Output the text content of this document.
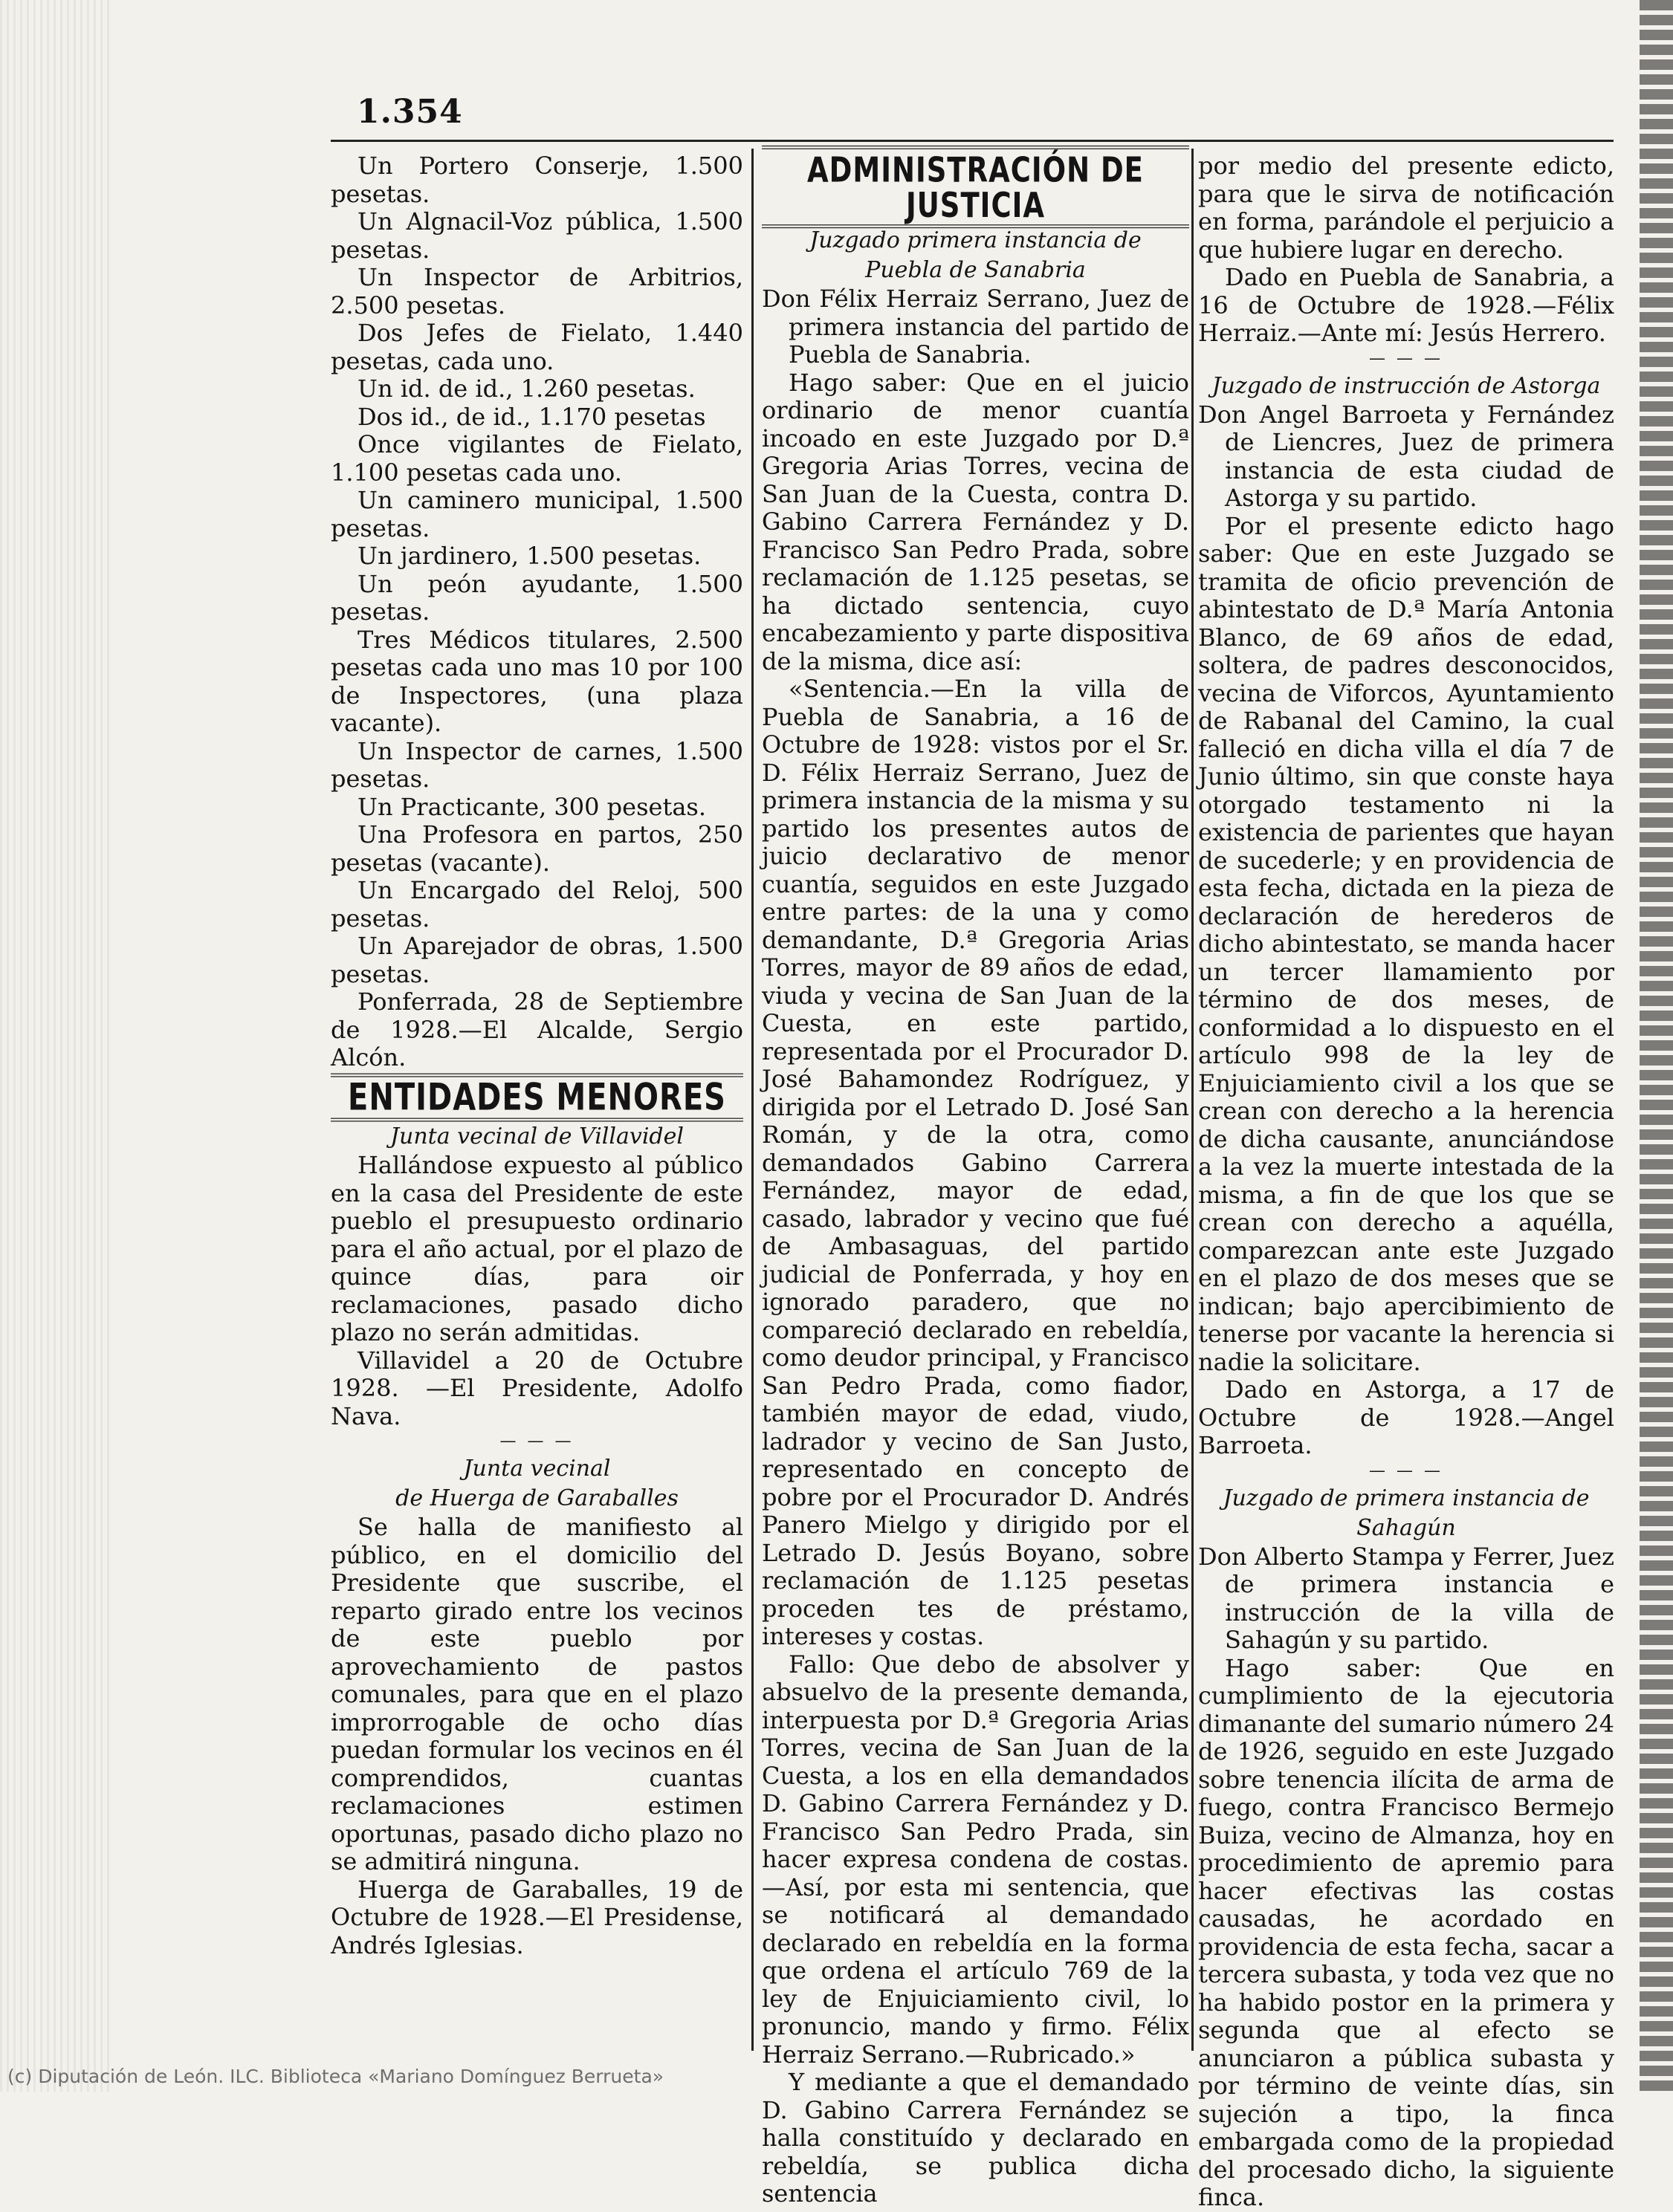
1.354

Un Portero Conserje, 1.500 pesetas.

Un Algnacil-Voz pública, 1.500 pesetas.

Un Inspector de Arbitrios, 2.500 pesetas.

Dos Jefes de Fielato, 1.440 pesetas, cada uno.

Un id. de id., 1.260 pesetas.

Dos id., de id., 1.170 pesetas

Once vigilantes de Fielato, 1.100 pesetas cada uno.

Un caminero municipal, 1.500 pesetas.

Un jardinero, 1.500 pesetas.

Un peón ayudante, 1.500 pesetas.

Tres Médicos titulares, 2.500 pesetas cada uno mas 10 por 100 de Inspectores, (una plaza vacante).

Un Inspector de carnes, 1.500 pesetas.

Un Practicante, 300 pesetas.

Una Profesora en partos, 250 pesetas (vacante).

Un Encargado del Reloj, 500 pesetas.

Un Aparejador de obras, 1.500 pesetas.

Ponferrada, 28 de Septiembre de 1928.—El Alcalde, Sergio Alcón.

ENTIDADES MENORES
Junta vecinal de Villavidel

Hallándose expuesto al público en la casa del Presidente de este pueblo el presupuesto ordinario para el año actual, por el plazo de quince días, para oir reclamaciones, pasado dicho plazo no serán admitidas.

Villavidel a 20 de Octubre 1928. —El Presidente, Adolfo Nava.

— — —
Junta vecinal
de Huerga de Garaballes

Se halla de manifiesto al público, en el domicilio del Presidente que suscribe, el reparto girado entre los vecinos de este pueblo por aprovechamiento de pastos comunales, para que en el plazo improrrogable de ocho días puedan formular los vecinos en él comprendidos, cuantas reclamaciones estimen oportunas, pasado dicho plazo no se admitirá ninguna.

Huerga de Garaballes, 19 de Octubre de 1928.—El Presidense, Andrés Iglesias.

ADMINISTRACIÓN DE JUSTICIA
Juzgado primera instancia de
Puebla de Sanabria

Don Félix Herraiz Serrano, Juez de primera instancia del partido de Puebla de Sanabria.

Hago saber: Que en el juicio ordinario de menor cuantía incoado en este Juzgado por D.ª Gregoria Arias Torres, vecina de San Juan de la Cuesta, contra D. Gabino Carrera Fernández y D. Francisco San Pedro Prada, sobre reclamación de 1.125 pesetas, se ha dictado sentencia, cuyo encabezamiento y parte dispositiva de la misma, dice así:

«Sentencia.—En la villa de Puebla de Sanabria, a 16 de Octubre de 1928: vistos por el Sr. D. Félix Herraiz Serrano, Juez de primera instancia de la misma y su partido los presentes autos de juicio declarativo de menor cuantía, seguidos en este Juzgado entre partes: de la una y como demandante, D.ª Gregoria Arias Torres, mayor de 89 años de edad, viuda y vecina de San Juan de la Cuesta, en este partido, representada por el Procurador D. José Bahamondez Rodríguez, y dirigida por el Letrado D. José San Román, y de la otra, como demandados Gabino Carrera Fernández, mayor de edad, casado, labrador y vecino que fué de Ambasaguas, del partido judicial de Ponferrada, y hoy en ignorado paradero, que no compareció declarado en rebeldía, como deudor principal, y Francisco San Pedro Prada, como fiador, también mayor de edad, viudo, ladrador y vecino de San Justo, representado en concepto de pobre por el Procurador D. Andrés Panero Mielgo y dirigido por el Letrado D. Jesús Boyano, sobre reclamación de 1.125 pesetas proceden tes de préstamo, intereses y costas.

Fallo: Que debo de absolver y absuelvo de la presente demanda, interpuesta por D.ª Gregoria Arias Torres, vecina de San Juan de la Cuesta, a los en ella demandados D. Gabino Carrera Fernández y D. Francisco San Pedro Prada, sin hacer expresa condena de costas.—Así, por esta mi sentencia, que se notificará al demandado declarado en rebeldía en la forma que ordena el artículo 769 de la ley de Enjuiciamiento civil, lo pronuncio, mando y firmo. Félix Herraiz Serrano.—Rubricado.»

Y mediante a que el demandado D. Gabino Carrera Fernández se halla constituído y declarado en rebeldía, se publica dicha sentencia

por medio del presente edicto, para que le sirva de notificación en forma, parándole el perjuicio a que hubiere lugar en derecho.

Dado en Puebla de Sanabria, a 16 de Octubre de 1928.—Félix Herraiz.—Ante mí: Jesús Herrero.

— — —
Juzgado de instrucción de Astorga

Don Angel Barroeta y Fernández de Liencres, Juez de primera instancia de esta ciudad de Astorga y su partido.

Por el presente edicto hago saber: Que en este Juzgado se tramita de oficio prevención de abintestato de D.ª María Antonia Blanco, de 69 años de edad, soltera, de padres desconocidos, vecina de Viforcos, Ayuntamiento de Rabanal del Camino, la cual falleció en dicha villa el día 7 de Junio último, sin que conste haya otorgado testamento ni la existencia de parientes que hayan de sucederle; y en providencia de esta fecha, dictada en la pieza de declaración de herederos de dicho abintestato, se manda hacer un tercer llamamiento por término de dos meses, de conformidad a lo dispuesto en el artículo 998 de la ley de Enjuiciamiento civil a los que se crean con derecho a la herencia de dicha causante, anunciándose a la vez la muerte intestada de la misma, a fin de que los que se crean con derecho a aquélla, comparezcan ante este Juzgado en el plazo de dos meses que se indican; bajo apercibimiento de tenerse por vacante la herencia si nadie la solicitare.

Dado en Astorga, a 17 de Octubre de 1928.—Angel Barroeta.

— — —
Juzgado de primera instancia de
Sahagún

Don Alberto Stampa y Ferrer, Juez de primera instancia e instrucción de la villa de Sahagún y su partido.

Hago saber: Que en cumplimiento de la ejecutoria dimanante del sumario número 24 de 1926, seguido en este Juzgado sobre tenencia ilícita de arma de fuego, contra Francisco Bermejo Buiza, vecino de Almanza, hoy en procedimiento de apremio para hacer efectivas las costas causadas, he acordado en providencia de esta fecha, sacar a tercera subasta, y toda vez que no ha habido postor en la primera y segunda que al efecto se anunciaron a pública subasta y por término de veinte días, sin sujeción a tipo, la finca embargada como de la propiedad del procesado dicho, la siguiente finca.

(c) Diputación de León. ILC. Biblioteca «Mariano Domínguez Berrueta»
